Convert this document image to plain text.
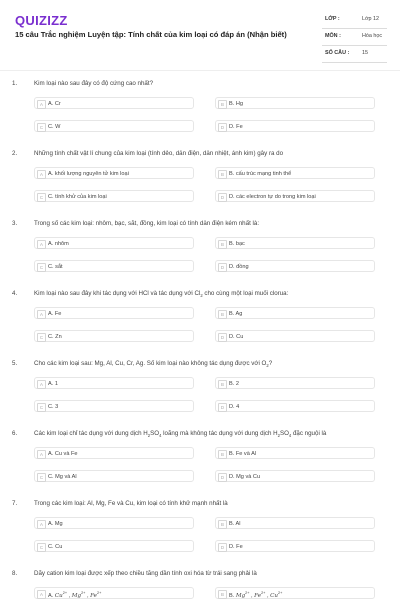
QUIZIZZ
15 câu Trắc nghiệm Luyện tập: Tính chất của kim loại có đáp án (Nhận biết)
LỚP :	Lớp 12
MÔN :	Hóa học
SỐ CÂU : 15
1.	Kim loại nào sau đây có độ cứng cao nhất?
A A. Cr	B B. Hg
C C. W	D D. Fe
2.	Những tính chất vật lí chung của kim loại (tính dẻo, dẫn điện, dẫn nhiệt, ánh kim) gây ra do
A A. khối lượng nguyên tử kim loại	B B. cấu trúc mạng tinh thể
C C. tính khử của kim loại	D D. các electron tự do trong kim loại
3.	Trong số các kim loại: nhôm, bạc, sắt, đồng, kim loại có tính dẫn điện kém nhất là:
A A. nhôm	B B. bạc
C C. sắt	D D. đồng
4.	Kim loại nào sau đây khi tác dụng với HCl và tác dụng với $Cl_2$ cho cùng một loại muối clorua:
A A. Fe	B B. Ag
C C. Zn	D D. Cu
5.	Cho các kim loại sau: Mg, Al, Cu, Cr, Ag. Số kim loại nào không tác dụng được với $O_2$?
A A. 1	B B. 2
C C. 3	D D. 4
6.	Các kim loại chỉ tác dụng với dung dịch $H_2SO_4$ loãng mà không tác dụng với dung dịch $H_2SO_4$ đặc nguội là
A A. Cu và Fe	B B. Fe và Al
C C. Mg và Al	D D. Mg và Cu
7.	Trong các kim loại: Al, Mg, Fe và Cu, kim loại có tính khử mạnh nhất là
A A. Mg	B B. Al
C C. Cu	D D. Fe
8.	Dãy cation kim loại được xếp theo chiều tăng dần tính oxi hóa từ trái sang phải là
A A. $Cu^{2+}$ , $Mg^{2+}$ , $Fe^{2+}$	B B. $Mg^{2+}$ , $Fe^{2+}$ , $Cu^{2+}$
